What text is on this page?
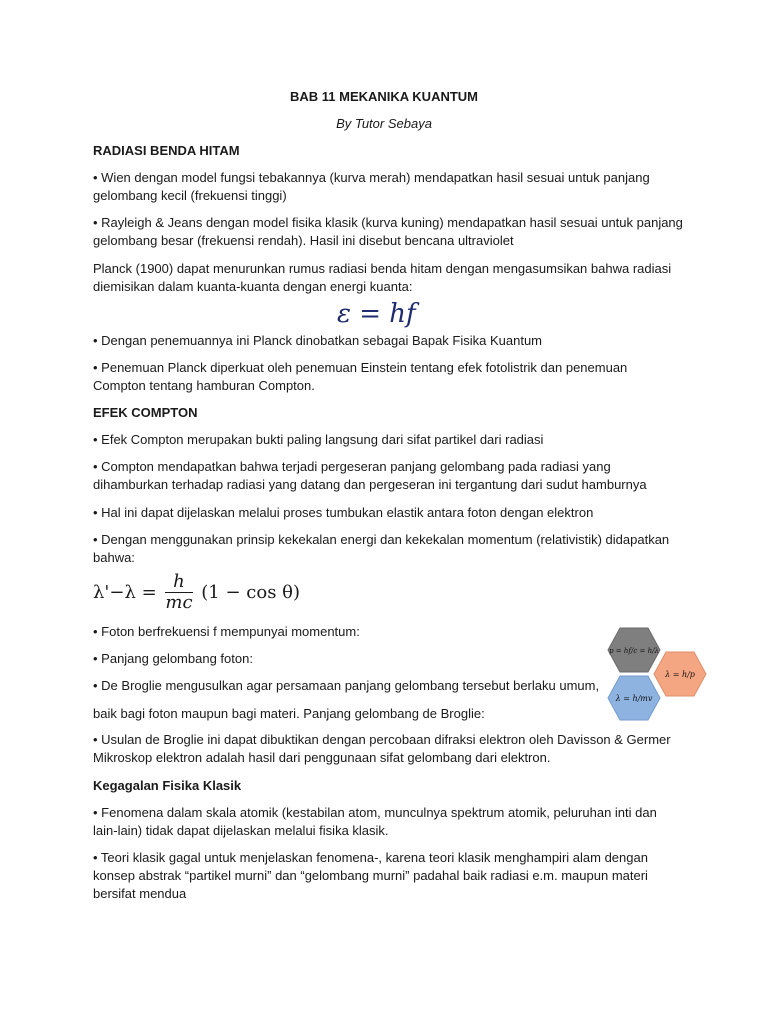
BAB 11 MEKANIKA KUANTUM
By Tutor Sebaya
RADIASI BENDA HITAM
• Wien dengan model fungsi tebakannya (kurva merah) mendapatkan hasil sesuai untuk panjang gelombang kecil (frekuensi tinggi)
• Rayleigh & Jeans dengan model fisika klasik (kurva kuning) mendapatkan hasil sesuai untuk panjang gelombang besar (frekuensi rendah). Hasil ini disebut bencana ultraviolet
Planck (1900) dapat menurunkan rumus radiasi benda hitam dengan mengasumsikan bahwa radiasi diemisikan dalam kuanta-kuanta dengan energi kuanta:
ε = hf
• Dengan penemuannya ini Planck dinobatkan sebagai Bapak Fisika Kuantum
• Penemuan Planck diperkuat oleh penemuan Einstein tentang efek fotolistrik dan penemuan Compton tentang hamburan Compton.
EFEK COMPTON
• Efek Compton merupakan bukti paling langsung dari sifat partikel dari radiasi
• Compton mendapatkan bahwa terjadi pergeseran panjang gelombang pada radiasi yang dihamburkan terhadap radiasi yang datang dan pergeseran ini tergantung dari sudut hamburnya
• Hal ini dapat dijelaskan melalui proses tumbukan elastik antara foton dengan elektron
• Dengan menggunakan prinsip kekekalan energi dan kekekalan momentum (relativistik) didapatkan bahwa:
$\lambda'-\lambda = \frac{h}{mc} (1 - \cos \theta)$
• Foton berfrekuensi f mempunyai momentum:
• Panjang gelombang foton:
• De Broglie mengusulkan agar persamaan panjang gelombang tersebut berlaku umum,
baik bagi foton maupun bagi materi. Panjang gelombang de Broglie:
• Usulan de Broglie ini dapat dibuktikan dengan percobaan difraksi elektron oleh Davisson & Germer Mikroskop elektron adalah hasil dari penggunaan sifat gelombang dari elektron.
Kegagalan Fisika Klasik
• Fenomena dalam skala atomik (kestabilan atom, munculnya spektrum atomik, peluruhan inti dan lain-lain) tidak dapat dijelaskan melalui fisika klasik.
• Teori klasik gagal untuk menjelaskan fenomena-, karena teori klasik menghampiri alam dengan konsep abstrak “partikel murni” dan “gelombang murni” padahal baik radiasi e.m. maupun materi bersifat mendua
p = hf/c = h/λ
λ = h/p
λ = h/mv
